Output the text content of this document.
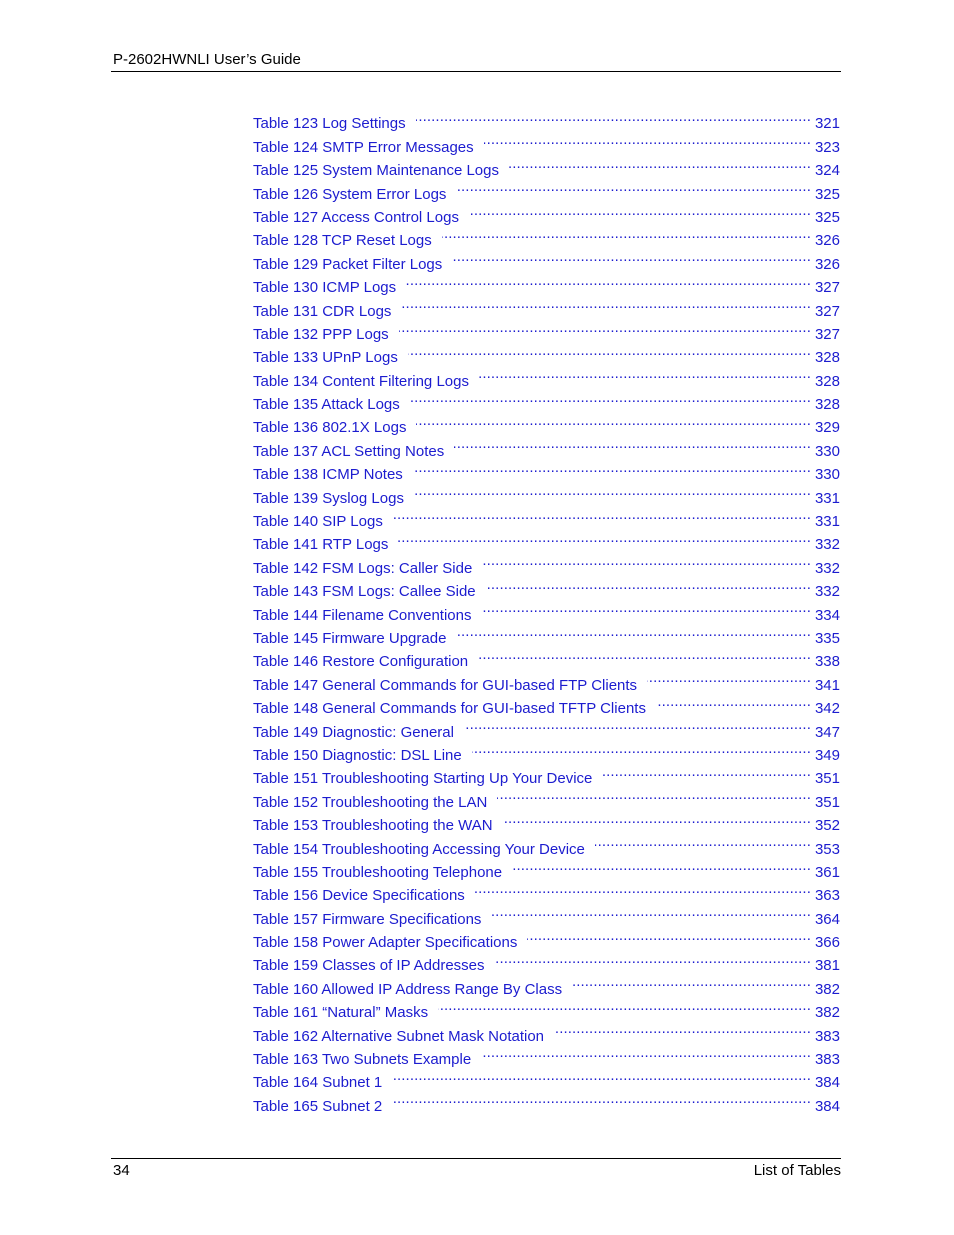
P-2602HWNLI User’s Guide
Table 123 Log Settings .....	321
Table 124 SMTP Error Messages .....	323
Table 125 System Maintenance Logs .....	324
Table 126 System Error Logs .....	325
Table 127 Access Control Logs .....	325
Table 128 TCP Reset Logs .....	326
Table 129 Packet Filter Logs .....	326
Table 130 ICMP Logs .....	327
Table 131 CDR Logs .....	327
Table 132 PPP Logs .....	327
Table 133 UPnP Logs .....	328
Table 134 Content Filtering Logs .....	328
Table 135 Attack Logs .....	328
Table 136 802.1X Logs .....	329
Table 137 ACL Setting Notes .....	330
Table 138 ICMP Notes .....	330
Table 139 Syslog Logs .....	331
Table 140 SIP Logs .....	331
Table 141 RTP Logs .....	332
Table 142 FSM Logs: Caller Side .....	332
Table 143 FSM Logs: Callee Side .....	332
Table 144 Filename Conventions .....	334
Table 145 Firmware Upgrade .....	335
Table 146 Restore Configuration .....	338
Table 147 General Commands for GUI-based FTP Clients .....	341
Table 148 General Commands for GUI-based TFTP Clients .....	342
Table 149 Diagnostic: General .....	347
Table 150 Diagnostic: DSL Line .....	349
Table 151 Troubleshooting Starting Up Your Device .....	351
Table 152 Troubleshooting the LAN .....	351
Table 153 Troubleshooting the WAN .....	352
Table 154 Troubleshooting Accessing Your Device .....	353
Table 155 Troubleshooting Telephone .....	361
Table 156 Device Specifications .....	363
Table 157 Firmware Specifications .....	364
Table 158 Power Adapter Specifications .....	366
Table 159 Classes of IP Addresses .....	381
Table 160 Allowed IP Address Range By Class .....	382
Table 161 “Natural” Masks .....	382
Table 162 Alternative Subnet Mask Notation .....	383
Table 163 Two Subnets Example .....	383
Table 164 Subnet 1 .....	384
Table 165 Subnet 2 .....	384
34	List of Tables
